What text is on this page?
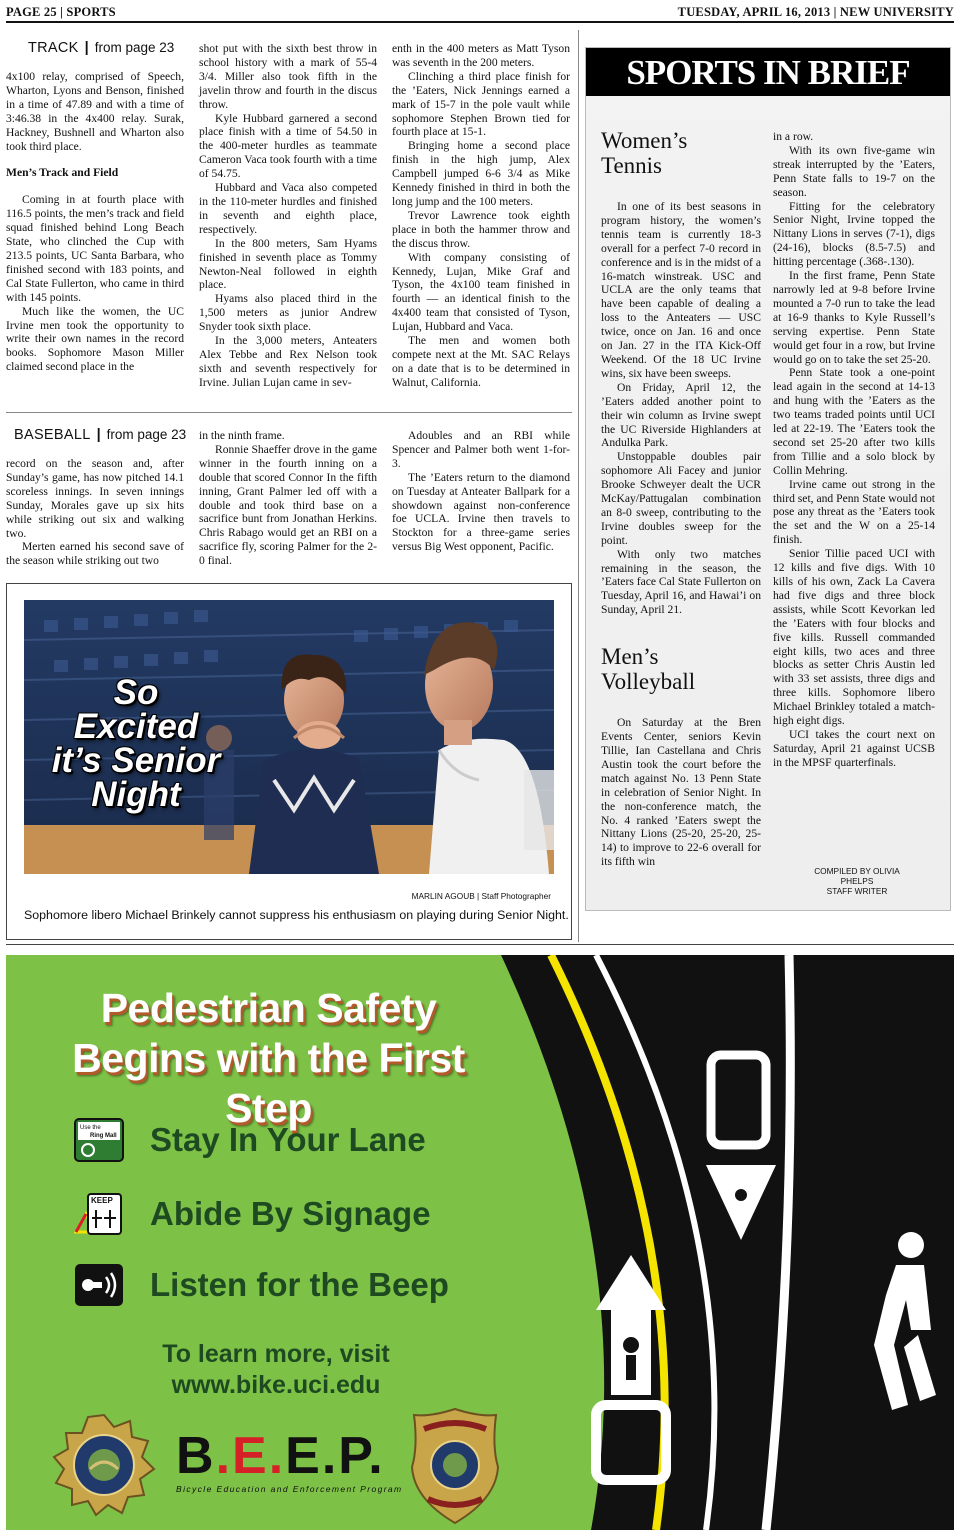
PAGE 25 | SPORTS	TUESDAY, APRIL 16, 2013 | NEW UNIVERSITY
TRACK | from page 23

4x100 relay, comprised of Speech, Wharton, Lyons and Benson, finished in a time of 47.89 and with a time of 3:46.38 in the 4x400 relay. Surak, Hackney, Bushnell and Wharton also took third place.

Men’s Track and Field

Coming in at fourth place with 116.5 points, the men’s track and field squad finished behind Long Beach State, who clinched the Cup with 213.5 points, UC Santa Barbara, who finished second with 183 points, and Cal State Fullerton, who came in third with 145 points.

Much like the women, the UC Irvine men took the opportunity to write their own names in the record books. Sophomore Mason Miller claimed second place in the

shot put with the sixth best throw in school history with a mark of 55-4 3/4. Miller also took fifth in the javelin throw and fourth in the discus throw.

Kyle Hubbard garnered a second place finish with a time of 54.50 in the 400-meter hurdles as teammate Cameron Vaca took fourth with a time of 54.75.

Hubbard and Vaca also competed in the 110-meter hurdles and finished in seventh and eighth place, respectively.

In the 800 meters, Sam Hyams finished in seventh place as Tommy Newton-Neal followed in eighth place.

Hyams also placed third in the 1,500 meters as junior Andrew Snyder took sixth place.

In the 3,000 meters, Anteaters Alex Tebbe and Rex Nelson took sixth and seventh respectively for Irvine. Julian Lujan came in sev-

enth in the 400 meters as Matt Tyson was seventh in the 200 meters.

Clinching a third place finish for the ’Eaters, Nick Jennings earned a mark of 15-7 in the pole vault while sophomore Stephen Brown tied for fourth place at 15-1.

Bringing home a second place finish in the high jump, Alex Campbell jumped 6-6 3/4 as Mike Kennedy finished in third in both the long jump and the 100 meters.

Trevor Lawrence took eighth place in both the hammer throw and the discus throw.

With company consisting of Kennedy, Lujan, Mike Graf and Tyson, the 4x100 team finished in fourth — an identical finish to the 4x400 team that consisted of Tyson, Lujan, Hubbard and Vaca.

The men and women both compete next at the Mt. SAC Relays on a date that is to be determined in Walnut, California.

BASEBALL | from page 23

record on the season and, after Sunday’s game, has now pitched 14.1 scoreless innings. In seven innings Sunday, Morales gave up six hits while striking out six and walking two.

Merten earned his second save of the season while striking out two

in the ninth frame.

Ronnie Shaeffer drove in the game winner in the fourth inning on a double that scored Connor In the fifth inning, Grant Palmer led off with a double and took third base on a sacrifice bunt from Jonathan Herkins. Chris Rabago would get an RBI on a sacrifice fly, scoring Palmer for the 2-0 final.

Adoubles and an RBI while Spencer and Palmer both went 1-for-3.

The ’Eaters return to the diamond on Tuesday at Anteater Ballpark for a showdown against non-conference foe UCLA. Irvine then travels to Stockton for a three-game series versus Big West opponent, Pacific.

So
Excited
it’s Senior
Night
MARLIN AGOUB | Staff Photographer
Sophomore libero Michael Brinkely cannot suppress his enthusiasm on playing during Senior Night.
SPORTS IN BRIEF
Women’s
Tennis

In one of its best seasons in program history, the women’s tennis team is currently 18-3 overall for a perfect 7-0 record in conference and is in the midst of a 16-match winstreak. USC and UCLA are the only teams that have been capable of dealing a loss to the Anteaters — USC twice, once on Jan. 16 and once on Jan. 27 in the ITA Kick-Off Weekend. Of the 18 UC Irvine wins, six have been sweeps.

On Friday, April 12, the ’Eaters added another point to their win column as Irvine swept the UC Riverside Highlanders at Andulka Park.

Unstoppable doubles pair sophomore Ali Facey and junior Brooke Schweyer dealt the UCR McKay/Pattugalan combination an 8-0 sweep, contributing to the Irvine doubles sweep for the point.

With only two matches remaining in the season, the ’Eaters face Cal State Fullerton on Tuesday, April 16, and Hawai’i on Sunday, April 21.

Men’s
Volleyball

On Saturday at the Bren Events Center, seniors Kevin Tillie, Ian Castellana and Chris Austin took the court before the match against No. 13 Penn State in celebration of Senior Night. In the non-conference match, the No. 4 ranked ’Eaters swept the Nittany Lions (25-20, 25-20, 25-14) to improve to 22-6 overall for its fifth win

in a row.

With its own five-game win streak interrupted by the ’Eaters, Penn State falls to 19-7 on the season.

Fitting for the celebratory Senior Night, Irvine topped the Nittany Lions in serves (7-1), digs (24-16), blocks (8.5-7.5) and hitting percentage (.368-.130).

In the first frame, Penn State narrowly led at 9-8 before Irvine mounted a 7-0 run to take the lead at 16-9 thanks to Kyle Russell’s serving expertise. Penn State would get four in a row, but Irvine would go on to take the set 25-20.

Penn State took a one-point lead again in the second at 14-13 and hung with the ’Eaters as the two teams traded points until UCI led at 22-19. The ’Eaters took the second set 25-20 after two kills from Tillie and a solo block by Collin Mehring.

Irvine came out strong in the third set, and Penn State would not pose any threat as the ’Eaters took the set and the W on a 25-14 finish.

Senior Tillie paced UCI with 12 kills and five digs. With 10 kills of his own, Zack La Cavera had five digs and three block assists, while Scott Kevorkan led the ’Eaters with four blocks and five kills. Russell commanded eight kills, two aces and three blocks as setter Chris Austin led with 33 set assists, three digs and three kills. Sophomore libero Michael Brinkley totaled a match-high eight digs.

UCI takes the court next on Saturday, April 21 against UCSB in the MPSF quarterfinals.

COMPILED BY OLIVIA PHELPS
STAFF WRITER
Pedestrian Safety
Begins with the First Step
Use the
Ring Mall Stay In Your Lane
KEEP Abide By Signage
Listen for the Beep
To learn more, visit
www.bike.uci.edu
B.E.E.P.
Bicycle Education and Enforcement Program
